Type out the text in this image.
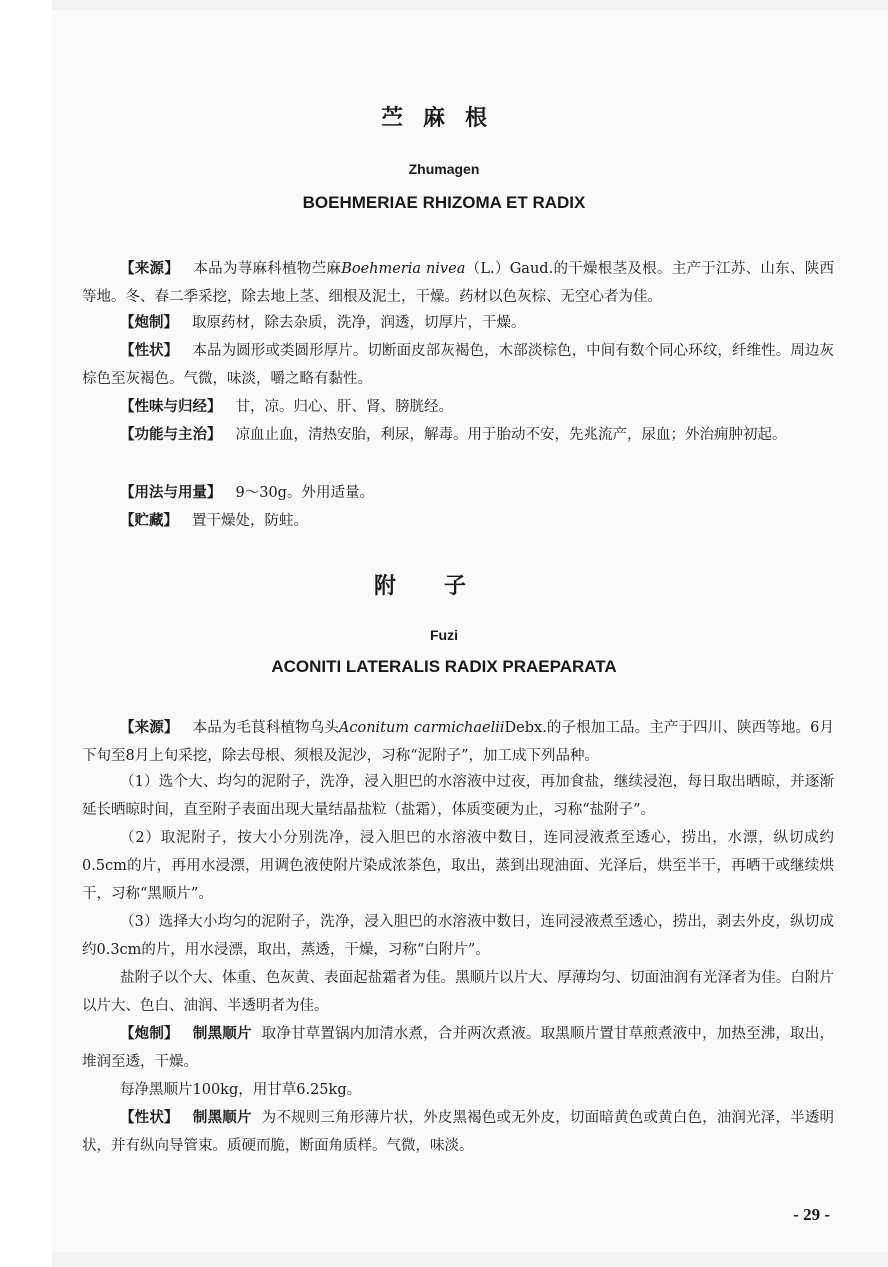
苎麻根
Zhumagen
BOEHMERIAE RHIZOMA ET RADIX
【来源】 本品为荨麻科植物苎麻Boehmeria nivea（L.）Gaud.的干燥根茎及根。主产于江苏、山东、陕西等地。冬、春二季采挖，除去地上茎、细根及泥土，干燥。药材以色灰棕、无空心者为佳。
【炮制】 取原药材，除去杂质，洗净，润透，切厚片，干燥。
【性状】 本品为圆形或类圆形厚片。切断面皮部灰褐色，木部淡棕色，中间有数个同心环纹，纤维性。周边灰棕色至灰褐色。气微，味淡，嚼之略有黏性。
【性味与归经】 甘，凉。归心、肝、肾、膀胱经。
【功能与主治】 凉血止血，清热安胎，利尿，解毒。用于胎动不安，先兆流产，尿血；外治痈肿初起。
【用法与用量】 9～30g。外用适量。
【贮藏】 置干燥处，防蛀。
附子
Fuzi
ACONITI LATERALIS RADIX PRAEPARATA
【来源】 本品为毛茛科植物乌头Aconitum carmichaeliiDebx.的子根加工品。主产于四川、陕西等地。6月下旬至8月上旬采挖，除去母根、须根及泥沙，习称“泥附子”，加工成下列品种。
（1）选个大、均匀的泥附子，洗净，浸入胆巴的水溶液中过夜，再加食盐，继续浸泡，每日取出晒晾，并逐渐延长晒晾时间，直至附子表面出现大量结晶盐粒（盐霜），体质变硬为止，习称“盐附子”。
（2）取泥附子，按大小分别洗净，浸入胆巴的水溶液中数日，连同浸液煮至透心，捞出，水漂，纵切成约0.5cm的片，再用水浸漂，用调色液使附片染成浓茶色，取出，蒸到出现油面、光泽后，烘至半干，再晒干或继续烘干，习称“黑顺片”。
（3）选择大小均匀的泥附子，洗净，浸入胆巴的水溶液中数日，连同浸液煮至透心，捞出，剥去外皮，纵切成约0.3cm的片，用水浸漂，取出，蒸透，干燥，习称“白附片”。
盐附子以个大、体重、色灰黄、表面起盐霜者为佳。黑顺片以片大、厚薄均匀、切面油润有光泽者为佳。白附片以片大、色白、油润、半透明者为佳。
【炮制】 制黑顺片 取净甘草置锅内加清水煮，合并两次煮液。取黑顺片置甘草煎煮液中，加热至沸，取出，堆润至透，干燥。
每净黑顺片100kg，用甘草6.25kg。
【性状】 制黑顺片 为不规则三角形薄片状，外皮黑褐色或无外皮，切面暗黄色或黄白色，油润光泽，半透明状，并有纵向导管束。质硬而脆，断面角质样。气微，味淡。
- 29 -
